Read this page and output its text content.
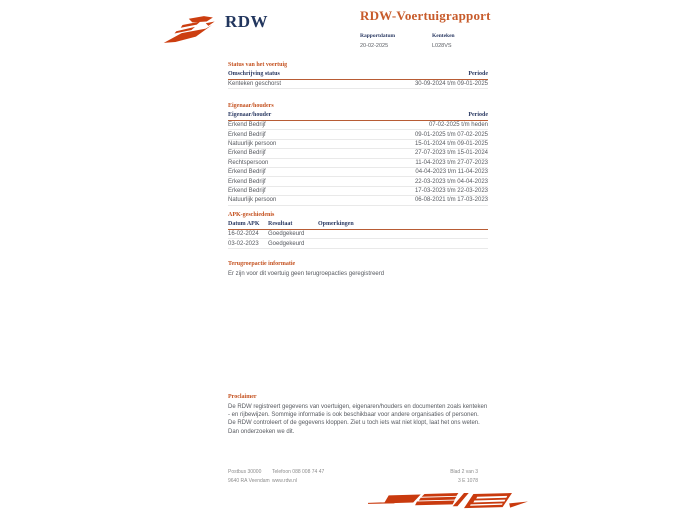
RDW	RDW-Voertuigrapport
Rapportdatum
20-02-2025
Kenteken
L028VS
Status van het voertuig
Omschrijving status	Periode
Kenteken geschorst	30-09-2024 t/m 09-01-2025
Eigenaar/houders
Eigenaar/houder	Periode
Erkend Bedrijf	07-02-2025 t/m heden
Erkend Bedrijf	09-01-2025 t/m 07-02-2025
Natuurlijk persoon	15-01-2024 t/m 09-01-2025
Erkend Bedrijf	27-07-2023 t/m 15-01-2024
Rechtspersoon	11-04-2023 t/m 27-07-2023
Erkend Bedrijf	04-04-2023 t/m 11-04-2023
Erkend Bedrijf	22-03-2023 t/m 04-04-2023
Erkend Bedrijf	17-03-2023 t/m 22-03-2023
Natuurlijk persoon	06-08-2021 t/m 17-03-2023
APK-geschiedenis
Datum APK	Resultaat	Opmerkingen
16-02-2024	Goedgekeurd
03-02-2023	Goedgekeurd
Terugroepactie informatie

Er zijn voor dit voertuig geen terugroepacties geregistreerd

Proclaimer

De RDW registreert gegevens van voertuigen, eigenaren/houders en documenten zoals kenteken - en rijbewijzen. Sommige informatie is ook beschikbaar voor andere organisaties of personen. De RDW controleert of de gegevens kloppen. Ziet u toch iets wat niet klopt, laat het ons weten. Dan onderzoeken we dit.

Postbus 30000
9640 RA Veendam
Telefoon 088 008 74 47
www.rdw.nl
Blad 2 van 3
3 E 1078
